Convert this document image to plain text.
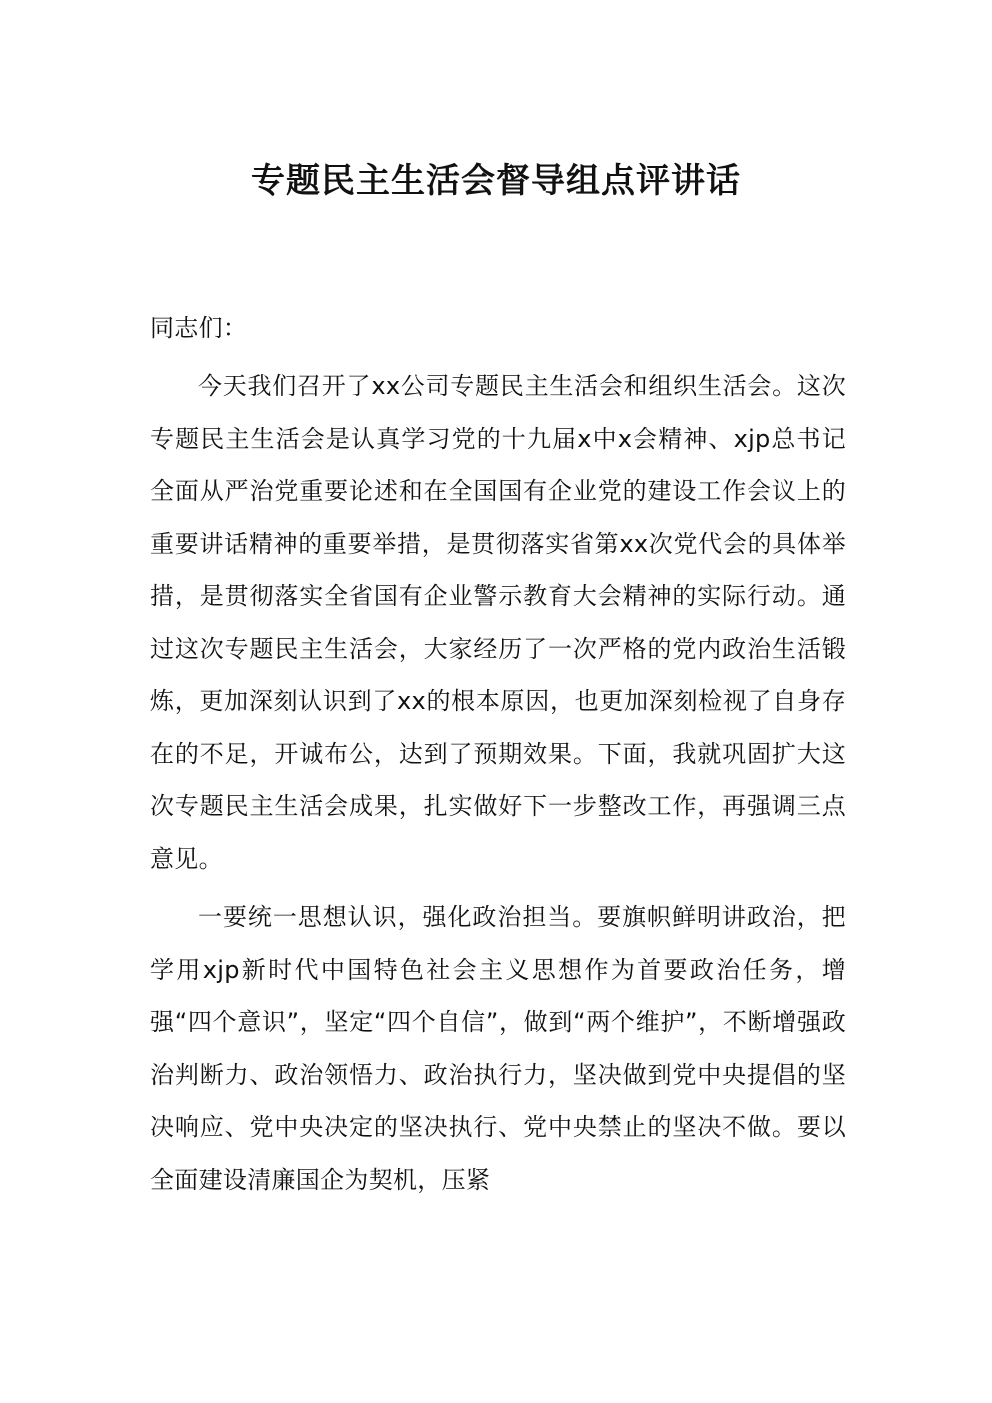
专题民主生活会督导组点评讲话

同志们：

今天我们召开了xx公司专题民主生活会和组织生活会。这次专题民主生活会是认真学习党的十九届x中x会精神、xjp总书记全面从严治党重要论述和在全国国有企业党的建设工作会议上的重要讲话精神的重要举措，是贯彻落实省第xx次党代会的具体举措，是贯彻落实全省国有企业警示教育大会精神的实际行动。通过这次专题民主生活会，大家经历了一次严格的党内政治生活锻炼，更加深刻认识到了xx的根本原因，也更加深刻检视了自身存在的不足，开诚布公，达到了预期效果。下面，我就巩固扩大这次专题民主生活会成果，扎实做好下一步整改工作，再强调三点意见。

一要统一思想认识，强化政治担当。要旗帜鲜明讲政治，把学用xjp新时代中国特色社会主义思想作为首要政治任务，增强“四个意识”，坚定“四个自信”，做到“两个维护”，不断增强政治判断力、政治领悟力、政治执行力，坚决做到党中央提倡的坚决响应、党中央决定的坚决执行、党中央禁止的坚决不做。要以全面建设清廉国企为契机，压紧
